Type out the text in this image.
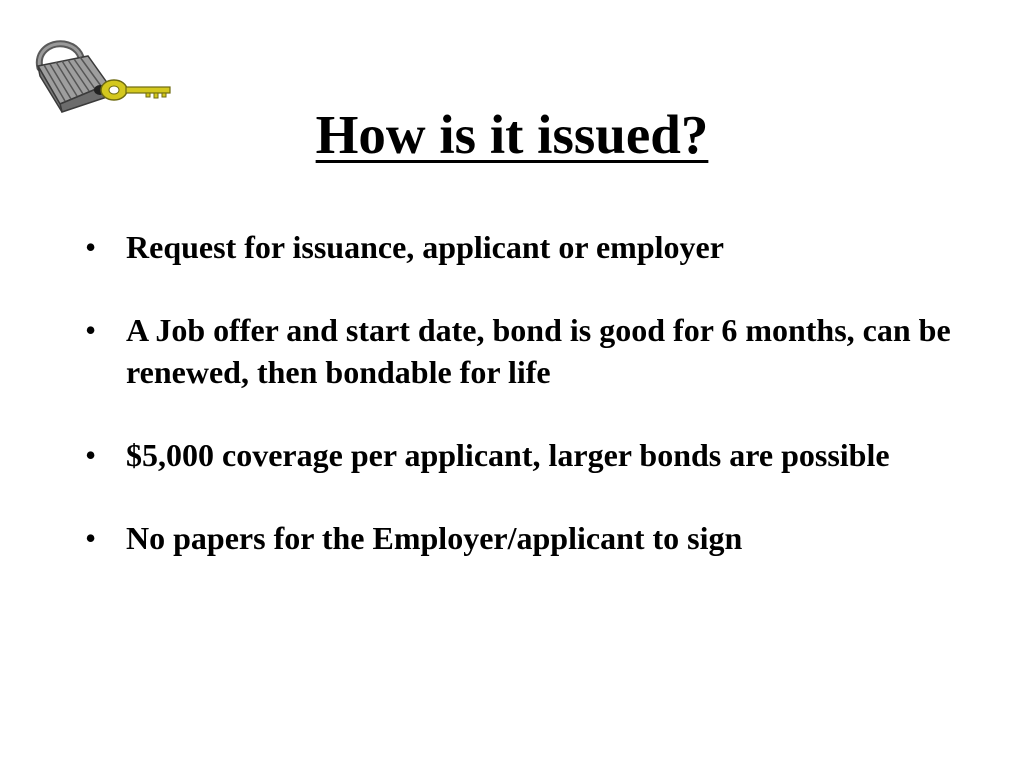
How is it issued?
• Request for issuance, applicant or employer
• A Job offer and start date, bond is good for 6 months, can be renewed, then bondable for life
• $5,000 coverage per applicant, larger bonds are possible
• No papers for the Employer/applicant to sign
